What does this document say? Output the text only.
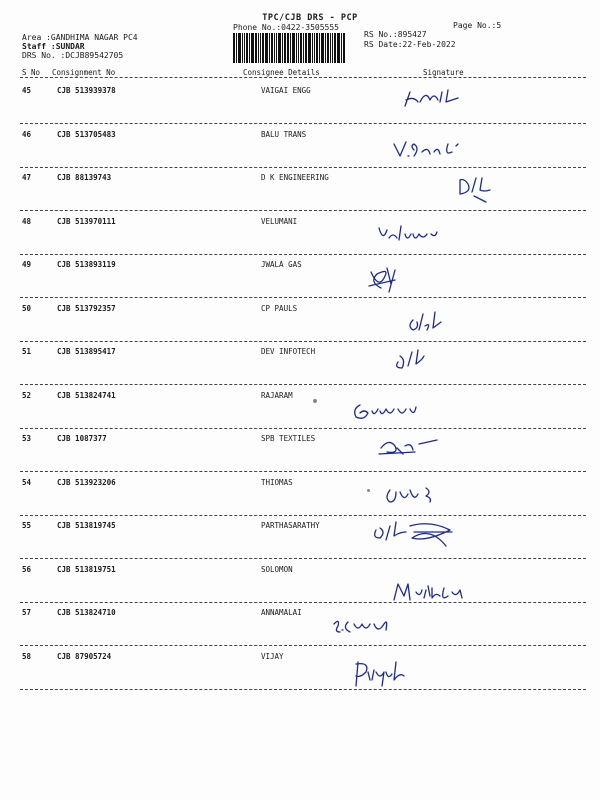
TPC/CJB DRS - PCP
Phone No.:0422-3505555	Page No.:5
Area :GANDHIMA NAGAR PC4
Staff :SUNDAR
DRS No. :DCJB89542705
RS No.:895427
RS Date:22-Feb-2022
S No Consignment No	Consignee Details	Signature
45	CJB 513939378	VAIGAI ENGG
46	CJB 513705483	BALU TRANS
47	CJB 88139743	D K ENGINEERING
48	CJB 513970111	VELUMANI
49	CJB 513893119	JWALA GAS
50	CJB 513792357	CP PAULS
51	CJB 513895417	DEV INFOTECH
52	CJB 513824741	RAJARAM
53	CJB 1087377	SPB TEXTILES
54	CJB 513923206	THIOMAS
55	CJB 513819745	PARTHASARATHY
56	CJB 513819751	SOLOMON
57	CJB 513824710	ANNAMALAI
58	CJB 87905724	VIJAY
